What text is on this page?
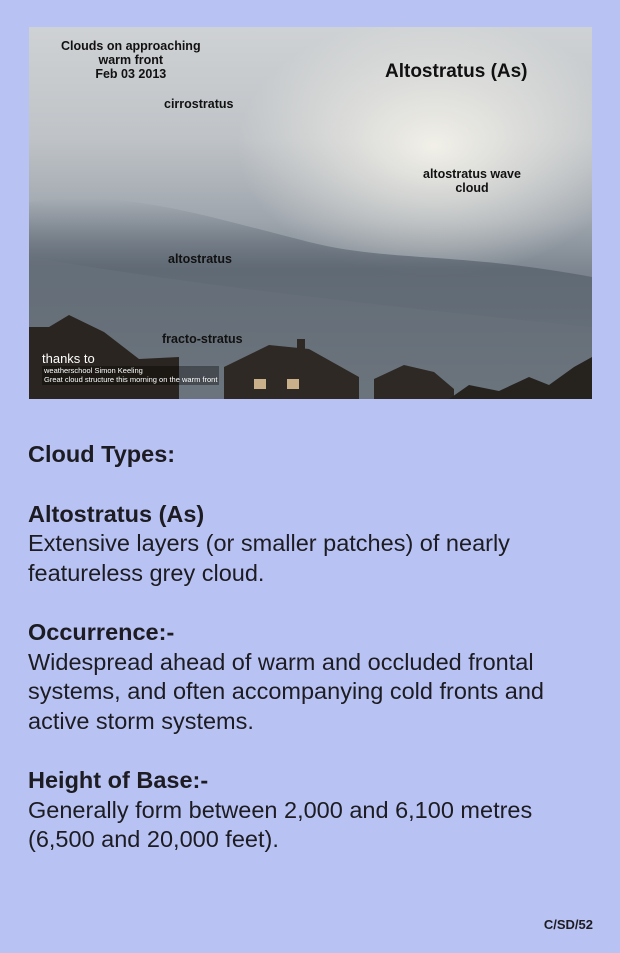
Clouds on approaching
warm front
Feb 03 2013	Altostratus (As)
cirrostratus
altostratus wave
cloud
altostratus
fracto-stratus
thanks to
weatherschool Simon Keeling
Great cloud structure this morning on the warm front
Cloud Types:
Altostratus (As)

Extensive layers (or smaller patches) of nearly featureless grey cloud.

Occurrence:-

Widespread ahead of warm and occluded frontal systems, and often accompanying cold fronts and active storm systems.

Height of Base:-

Generally form between 2,000 and 6,100 metres (6,500 and 20,000 feet).

C/SD/52
